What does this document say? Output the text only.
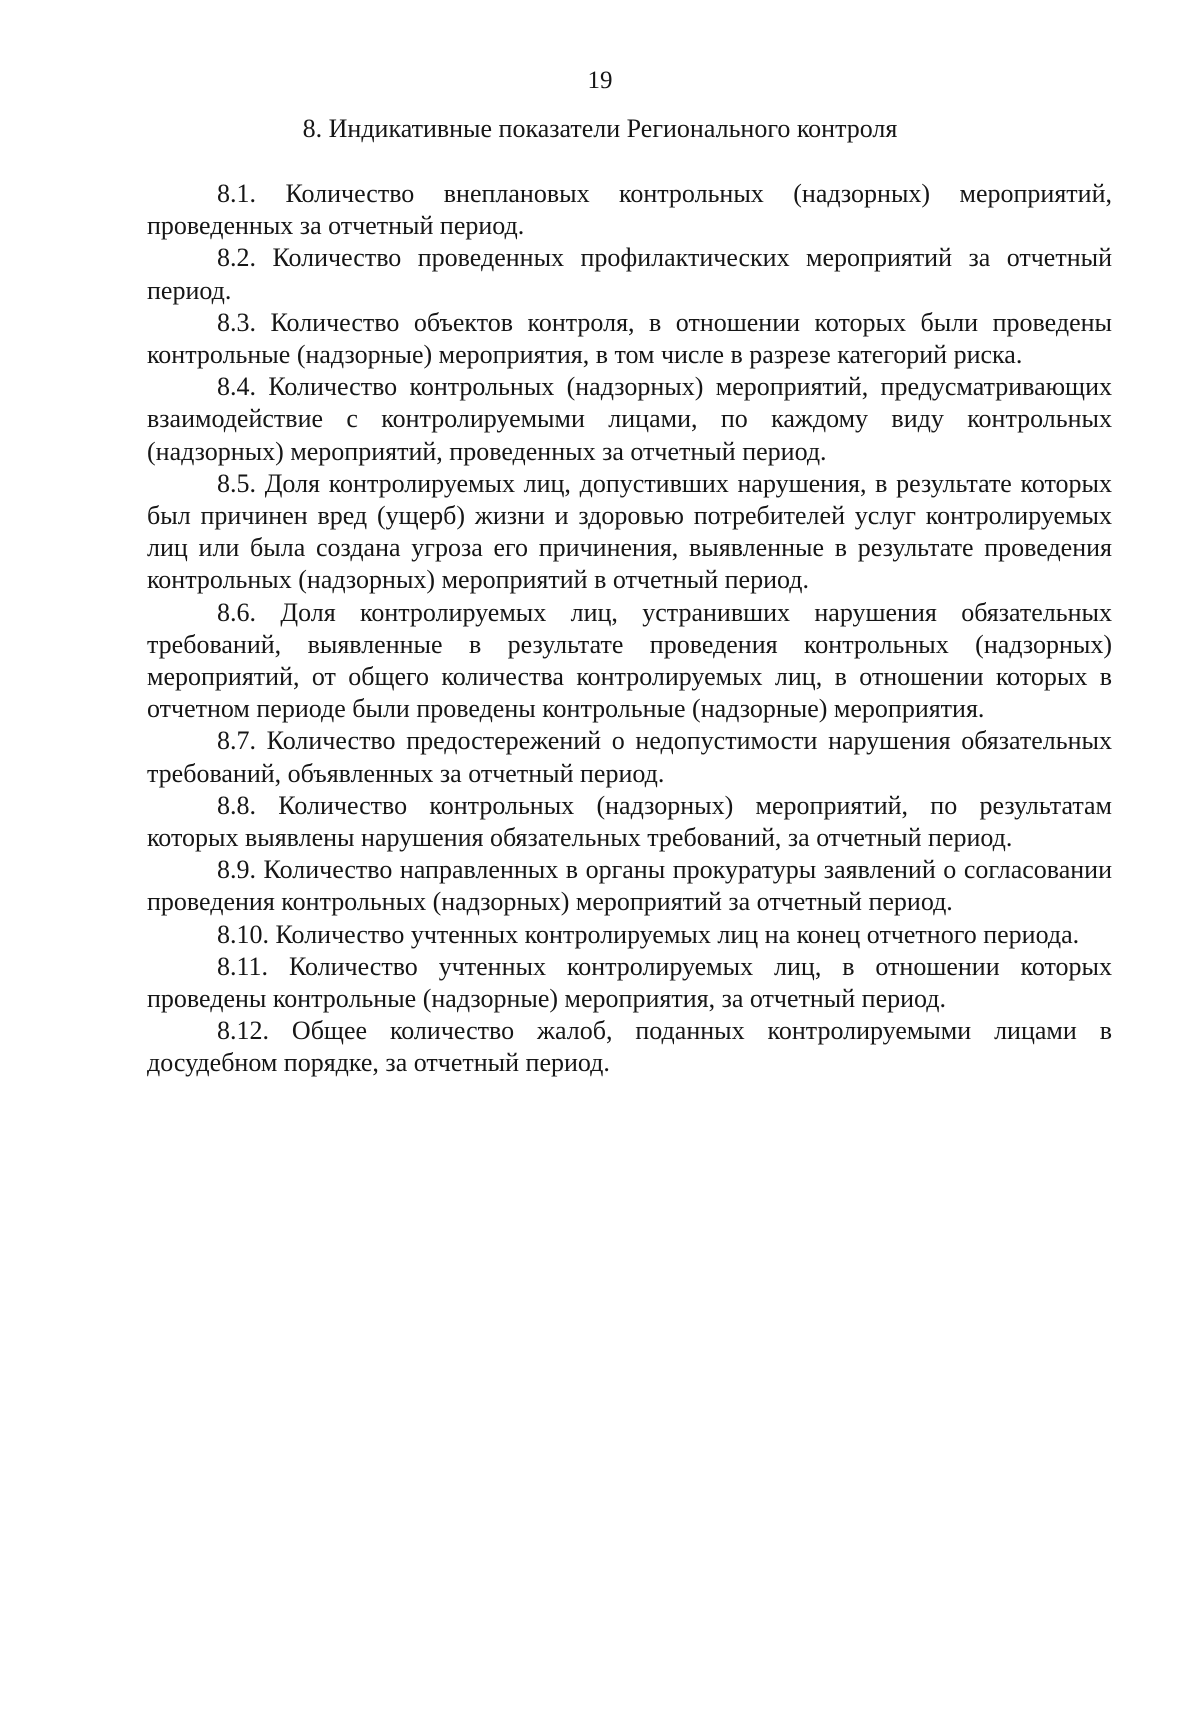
19
8. Индикативные показатели Регионального контроля

8.1. Количество внеплановых контрольных (надзорных) мероприятий, проведенных за отчетный период.

8.2. Количество проведенных профилактических мероприятий за отчетный период.

8.3. Количество объектов контроля, в отношении которых были проведены контрольные (надзорные) мероприятия, в том числе в разрезе категорий риска.

8.4. Количество контрольных (надзорных) мероприятий, предусматривающих взаимодействие с контролируемыми лицами, по каждому виду контрольных (надзорных) мероприятий, проведенных за отчетный период.

8.5. Доля контролируемых лиц, допустивших нарушения, в результате которых был причинен вред (ущерб) жизни и здоровью потребителей услуг контролируемых лиц или была создана угроза его причинения, выявленные в результате проведения контрольных (надзорных) мероприятий в отчетный период.

8.6. Доля контролируемых лиц, устранивших нарушения обязательных требований, выявленные в результате проведения контрольных (надзорных) мероприятий, от общего количества контролируемых лиц, в отношении которых в отчетном периоде были проведены контрольные (надзорные) мероприятия.

8.7. Количество предостережений о недопустимости нарушения обязательных требований, объявленных за отчетный период.

8.8. Количество контрольных (надзорных) мероприятий, по результатам которых выявлены нарушения обязательных требований, за отчетный период.

8.9. Количество направленных в органы прокуратуры заявлений о согласовании проведения контрольных (надзорных) мероприятий за отчетный период.

8.10. Количество учтенных контролируемых лиц на конец отчетного периода.

8.11. Количество учтенных контролируемых лиц, в отношении которых проведены контрольные (надзорные) мероприятия, за отчетный период.

8.12. Общее количество жалоб, поданных контролируемыми лицами в досудебном порядке, за отчетный период.
